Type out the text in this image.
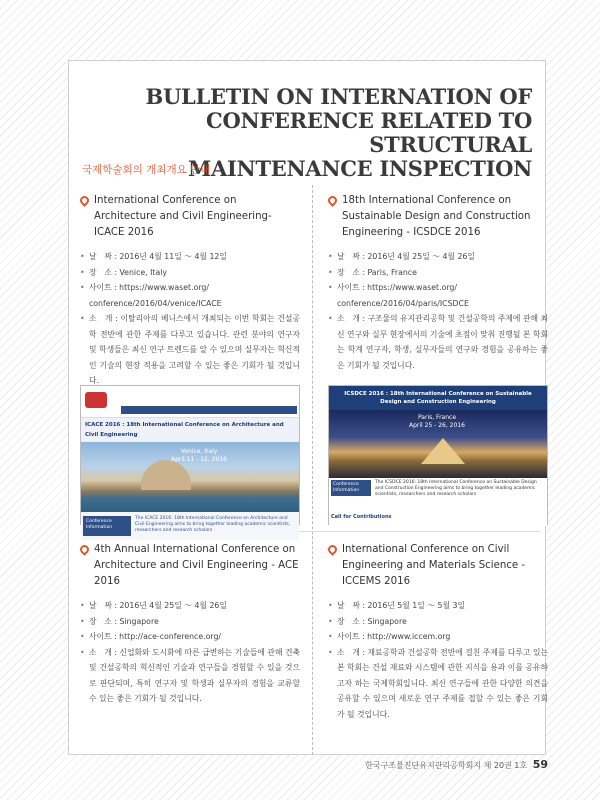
BULLETIN ON INTERNATION OF
CONFERENCE RELATED TO STRUCTURAL
MAINTENANCE INSPECTION
국제학술회의 개최개요 안내
International Conference on Architecture and Civil Engineering- ICACE 2016
• 날　짜 : 2016년 4월 11일 ～ 4월 12일
• 장　소 : Venice, Italy
• 사이트 : https://www.waset.org/
conference/2016/04/venice/ICACE
• 소　개 : 이탈리아의 베니스에서 개최되는 이번 학회는 건설공학 전반에 관한 주제를 다루고 있습니다. 관련 분야의 연구자 및 학생들은 최신 연구 트렌드를 알 수 있으며 실무자는 혁신적인 기술의 현장 적용을 고려할 수 있는 좋은 기회가 될 것입니다.
18th International Conference on Sustainable Design and Construction Engineering - ICSDCE 2016
• 날　짜 : 2016년 4월 25일 ～ 4월 26일
• 장　소 : Paris, France
• 사이트 : https://www.waset.org/
conference/2016/04/paris/ICSDCE
• 소　개 : 구조물의 유지관리공학 및 건설공학의 주제에 관해 최신 연구와 실무 현장에서의 기술에 초점이 맞춰 진행될 본 학회는 학계 연구자, 학생, 실무자들의 연구와 경험을 공유하는 좋은 기회가 될 것입니다.
ICACE 2016 : 18th International Conference on Architecture and Civil Engineering
Venice, Italy
April 11 - 12, 2016
Conference Information
The ICACE 2016: 18th International Conference on Architecture and Civil Engineering aims to bring together leading academic scientists, researchers and research scholars
ICSDCE 2016 : 18th International Conference on Sustainable Design and Construction Engineering
Paris, France
April 25 - 26, 2016
Conference Information
The ICSDCE 2016: 18th International Conference on Sustainable Design and Construction Engineering aims to bring together leading academic scientists, researchers and research scholars
Call for Contributions
4th Annual International Conference on Architecture and Civil Engineering - ACE 2016
• 날　짜 : 2016년 4월 25일 ～ 4월 26일
• 장　소 : Singapore
• 사이트 : http://ace-conference.org/
• 소　개 : 신업화와 도시화에 따른 급변하는 기술들에 관해 건축 및 건설공학의 혁신적인 기술과 연구들을 경험할 수 있을 것으로 판단되며, 특히 연구자 및 학생과 실무자의 경험을 교류할 수 있는 좋은 기회가 될 것입니다.
International Conference on Civil Engineering and Materials Science - ICCEMS 2016
• 날　짜 : 2016년 5월 1일 ～ 5월 3일
• 장　소 : Singapore
• 사이트 : http://www.iccem.org
• 소　개 : 재료공학과 건설공학 전반에 걸친 주제를 다루고 있는 본 학회는 건설 재료와 시스템에 관한 지식을 용과 이를 공유하고자 하는 국제학회입니다. 최신 연구들에 관한 다양한 의견을 공유할 수 있으며 새로운 연구 주제를 접할 수 있는 좋은 기회가 될 것입니다.
한국구조물진단유지관리공학회지 제 20권 1호 59
